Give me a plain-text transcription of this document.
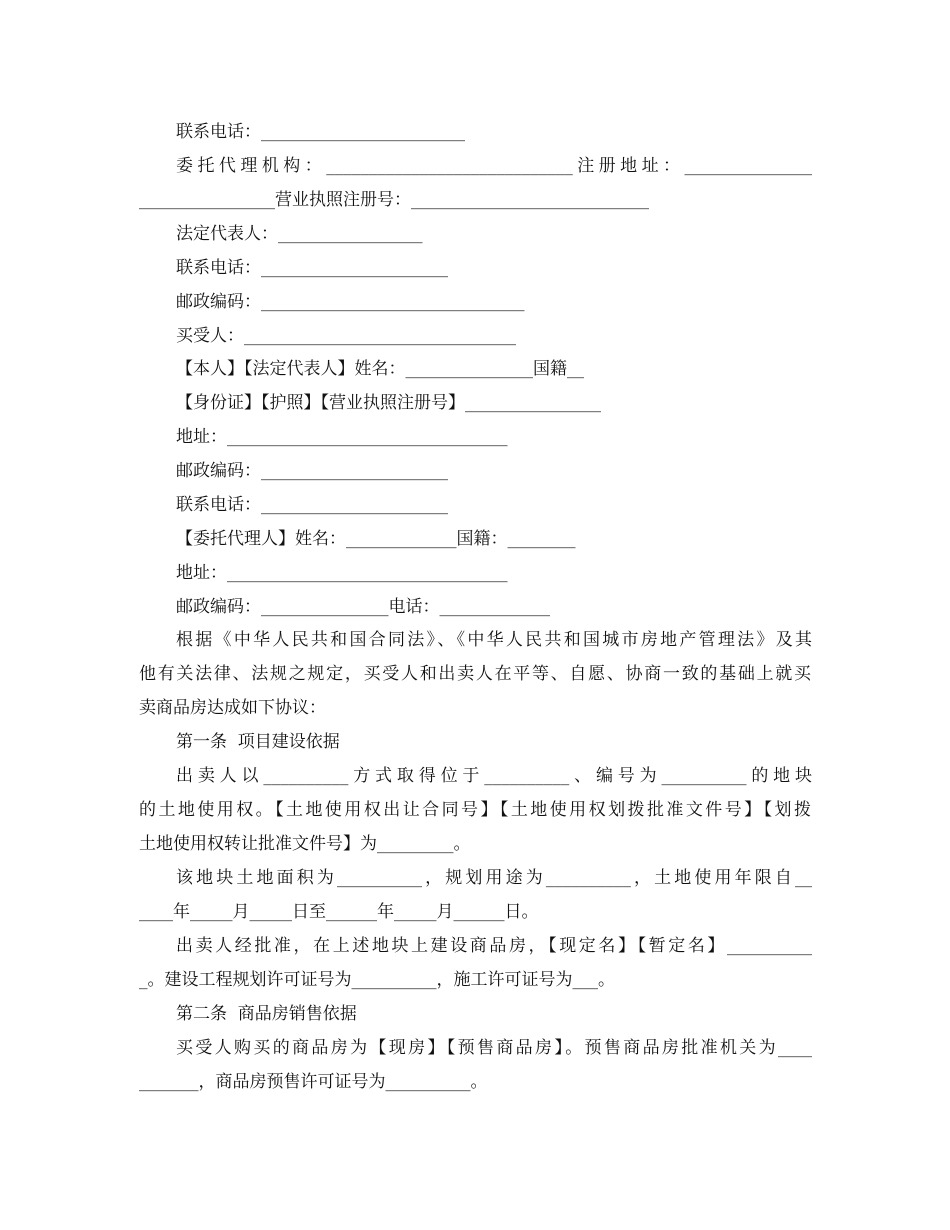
联系电话：________________________

委托代理机构：_____________________________注册地址：_______________

________________营业执照注册号：____________________________

法定代表人：_________________

联系电话：______________________

邮政编码：_______________________________

买受人：________________________________

【本人】【法定代表人】姓名：_______________国籍__

【身份证】【护照】【营业执照注册号】________________

地址：_________________________________

邮政编码：______________________

联系电话：______________________

【委托代理人】姓名：_____________国籍：________

地址：_________________________________

邮政编码：_______________电话：_____________

根据《中华人民共和国合同法》、《中华人民共和国城市房地产管理法》及其

他有关法律、法规之规定，买受人和出卖人在平等、自愿、协商一致的基础上就买

卖商品房达成如下协议：

第一条  项目建设依据

出卖人以__________方式取得位于__________、编号为__________的地块

的土地使用权。【土地使用权出让合同号】【土地使用权划拨批准文件号】【划拨

土地使用权转让批准文件号】为_________。

该地块土地面积为__________，规划用途为__________，土地使用年限自__

____年_____月_____日至______年_____月______日。

出卖人经批准，在上述地块上建设商品房，【现定名】【暂定名】__________

_。建设工程规划许可证号为__________，施工许可证号为___。

第二条  商品房销售依据

买受人购买的商品房为【现房】【预售商品房】。预售商品房批准机关为____

_______，商品房预售许可证号为__________。
